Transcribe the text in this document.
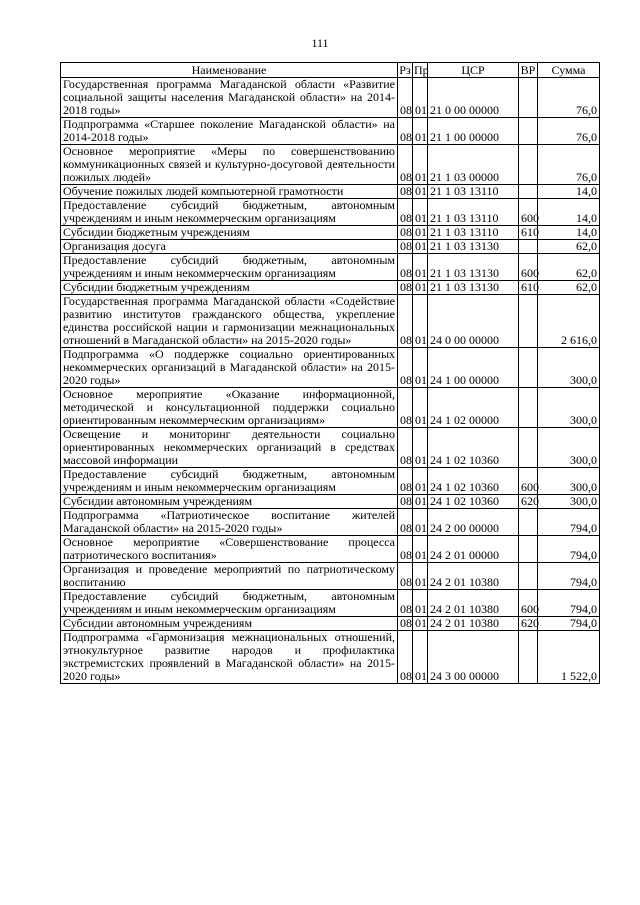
111
Наименование	Рз	Пр	ЦСР	ВР	Сумма
Государственная программа Магаданской области «Развитие социальной защиты населения Магаданской области» на 2014-2018 годы»	08	01	21 0 00 00000		76,0
Подпрограмма «Старшее поколение Магаданской области» на 2014-2018 годы»	08	01	21 1 00 00000		76,0
Основное мероприятие «Меры по совершенствованию коммуникационных связей и культурно-досуговой деятельности пожилых людей»	08	01	21 1 03 00000		76,0
Обучение пожилых людей компьютерной грамотности	08	01	21 1 03 13110		14,0
Предоставление субсидий бюджетным, автономным учреждениям и иным некоммерческим организациям	08	01	21 1 03 13110	600	14,0
Субсидии бюджетным учреждениям	08	01	21 1 03 13110	610	14,0
Организация досуга	08	01	21 1 03 13130		62,0
Предоставление субсидий бюджетным, автономным учреждениям и иным некоммерческим организациям	08	01	21 1 03 13130	600	62,0
Субсидии бюджетным учреждениям	08	01	21 1 03 13130	610	62,0
Государственная программа Магаданской области «Содействие развитию институтов гражданского общества, укрепление единства российской нации и гармонизации межнациональных отношений в Магаданской области» на 2015-2020 годы»	08	01	24 0 00 00000		2 616,0
Подпрограмма «О поддержке социально ориентированных некоммерческих организаций в Магаданской области» на 2015-2020 годы»	08	01	24 1 00 00000		300,0
Основное мероприятие «Оказание информационной, методической и консультационной поддержки социально ориентированным некоммерческим организациям»	08	01	24 1 02 00000		300,0
Освещение и мониторинг деятельности социально ориентированных некоммерческих организаций в средствах массовой информации	08	01	24 1 02 10360		300,0
Предоставление субсидий бюджетным, автономным учреждениям и иным некоммерческим организациям	08	01	24 1 02 10360	600	300,0
Субсидии автономным учреждениям	08	01	24 1 02 10360	620	300,0
Подпрограмма «Патриотическое воспитание жителей Магаданской области» на 2015-2020 годы»	08	01	24 2 00 00000		794,0
Основное мероприятие «Совершенствование процесса патриотического воспитания»	08	01	24 2 01 00000		794,0
Организация и проведение мероприятий по патриотическому воспитанию	08	01	24 2 01 10380		794,0
Предоставление субсидий бюджетным, автономным учреждениям и иным некоммерческим организациям	08	01	24 2 01 10380	600	794,0
Субсидии автономным учреждениям	08	01	24 2 01 10380	620	794,0
Подпрограмма «Гармонизация межнациональных отношений, этнокультурное развитие народов и профилактика экстремистских проявлений в Магаданской области» на 2015-2020 годы»	08	01	24 3 00 00000		1 522,0
